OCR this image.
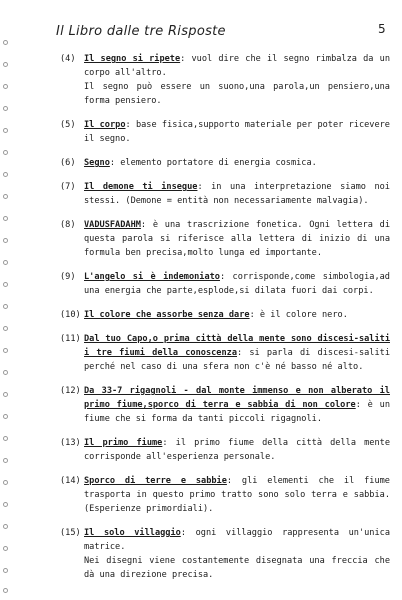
Il Libro dalle tre Risposte	5
(4) Il segno si ripete: vuol dire che il segno rimbalza da un corpo all'altro.
Il segno può essere un suono,una parola,un pensiero,una forma pensiero.
(5) Il corpo: base fisica,supporto materiale per poter ricevere il segno.
(6) Segno: elemento portatore di energia cosmica.
(7) Il demone ti insegue: in una interpretazione siamo noi stessi. (Demone = entità non necessariamente malvagia).
(8) VADUSFADAHM: è una trascrizione fonetica. Ogni lettera di questa parola si riferisce alla lettera di inizio di una formula ben precisa,molto lunga ed importante.
(9) L'angelo si è indemoniato: corrisponde,come simbologia,ad una energia che parte,esplode,si dilata fuori dai corpi.
(10) Il colore che assorbe senza dare: è il colore nero.
(11) Dal tuo Capo,o prima città della mente sono discesi-saliti i tre fiumi della conoscenza: si parla di discesi-saliti perché nel caso di una sfera non c'è né basso né alto.
(12) Da 33-7 rigagnoli - dal monte immenso e non alberato il primo fiume,sporco di terra e sabbia di non colore: è un fiume che si forma da tanti piccoli rigagnoli.
(13) Il primo fiume: il primo fiume della città della mente corrisponde all'esperienza personale.
(14) Sporco di terre e sabbie: gli elementi che il fiume trasporta in questo primo tratto sono solo terra e sabbia. (Esperienze primordiali).
(15) Il solo villaggio: ogni villaggio rappresenta un'unica matrice.
Nei disegni viene costantemente disegnata una freccia che dà una direzione precisa.
